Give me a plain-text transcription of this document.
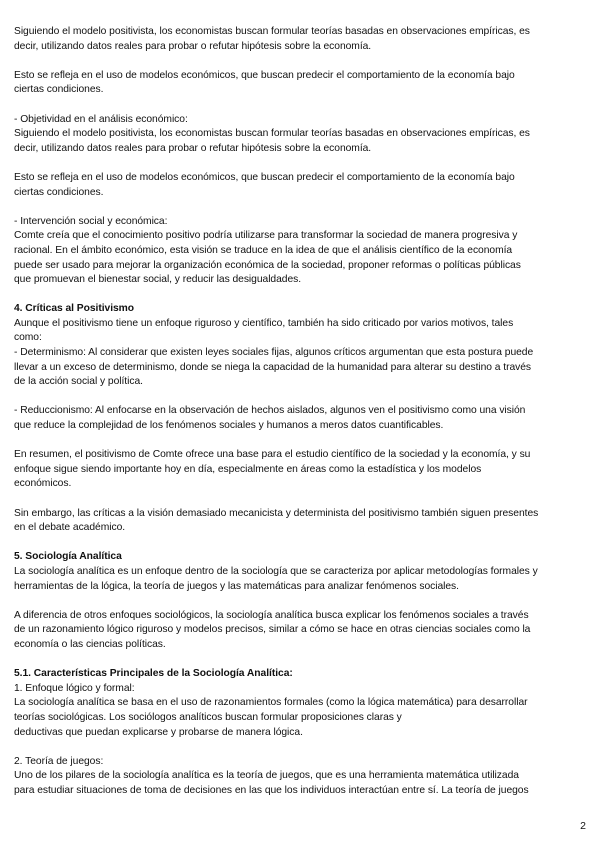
Siguiendo el modelo positivista, los economistas buscan formular teorías basadas en observaciones empíricas, es
decir, utilizando datos reales para probar o refutar hipótesis sobre la economía.
Esto se refleja en el uso de modelos económicos, que buscan predecir el comportamiento de la economía bajo
ciertas condiciones.
- Objetividad en el análisis económico:
Siguiendo el modelo positivista, los economistas buscan formular teorías basadas en observaciones empíricas, es
decir, utilizando datos reales para probar o refutar hipótesis sobre la economía.
Esto se refleja en el uso de modelos económicos, que buscan predecir el comportamiento de la economía bajo
ciertas condiciones.
- Intervención social y económica:
Comte creía que el conocimiento positivo podría utilizarse para transformar la sociedad de manera progresiva y
racional. En el ámbito económico, esta visión se traduce en la idea de que el análisis científico de la economía
puede ser usado para mejorar la organización económica de la sociedad, proponer reformas o políticas públicas
que promuevan el bienestar social, y reducir las desigualdades.
4. Críticas al Positivismo
Aunque el positivismo tiene un enfoque riguroso y científico, también ha sido criticado por varios motivos, tales
como:
- Determinismo: Al considerar que existen leyes sociales fijas, algunos críticos argumentan que esta postura puede
llevar a un exceso de determinismo, donde se niega la capacidad de la humanidad para alterar su destino a través
de la acción social y política.
- Reduccionismo: Al enfocarse en la observación de hechos aislados, algunos ven el positivismo como una visión
que reduce la complejidad de los fenómenos sociales y humanos a meros datos cuantificables.
En resumen, el positivismo de Comte ofrece una base para el estudio científico de la sociedad y la economía, y su
enfoque sigue siendo importante hoy en día, especialmente en áreas como la estadística y los modelos
económicos.
Sin embargo, las críticas a la visión demasiado mecanicista y determinista del positivismo también siguen presentes
en el debate académico.
5. Sociología Analítica
La sociología analítica es un enfoque dentro de la sociología que se caracteriza por aplicar metodologías formales y
herramientas de la lógica, la teoría de juegos y las matemáticas para analizar fenómenos sociales.
A diferencia de otros enfoques sociológicos, la sociología analítica busca explicar los fenómenos sociales a través
de un razonamiento lógico riguroso y modelos precisos, similar a cómo se hace en otras ciencias sociales como la
economía o las ciencias políticas.
5.1. Características Principales de la Sociología Analítica:
1. Enfoque lógico y formal:
La sociología analítica se basa en el uso de razonamientos formales (como la lógica matemática) para desarrollar
teorías sociológicas. Los sociólogos analíticos buscan formular proposiciones claras y
deductivas que puedan explicarse y probarse de manera lógica.
2. Teoría de juegos:
Uno de los pilares de la sociología analítica es la teoría de juegos, que es una herramienta matemática utilizada
para estudiar situaciones de toma de decisiones en las que los individuos interactúan entre sí. La teoría de juegos
2
